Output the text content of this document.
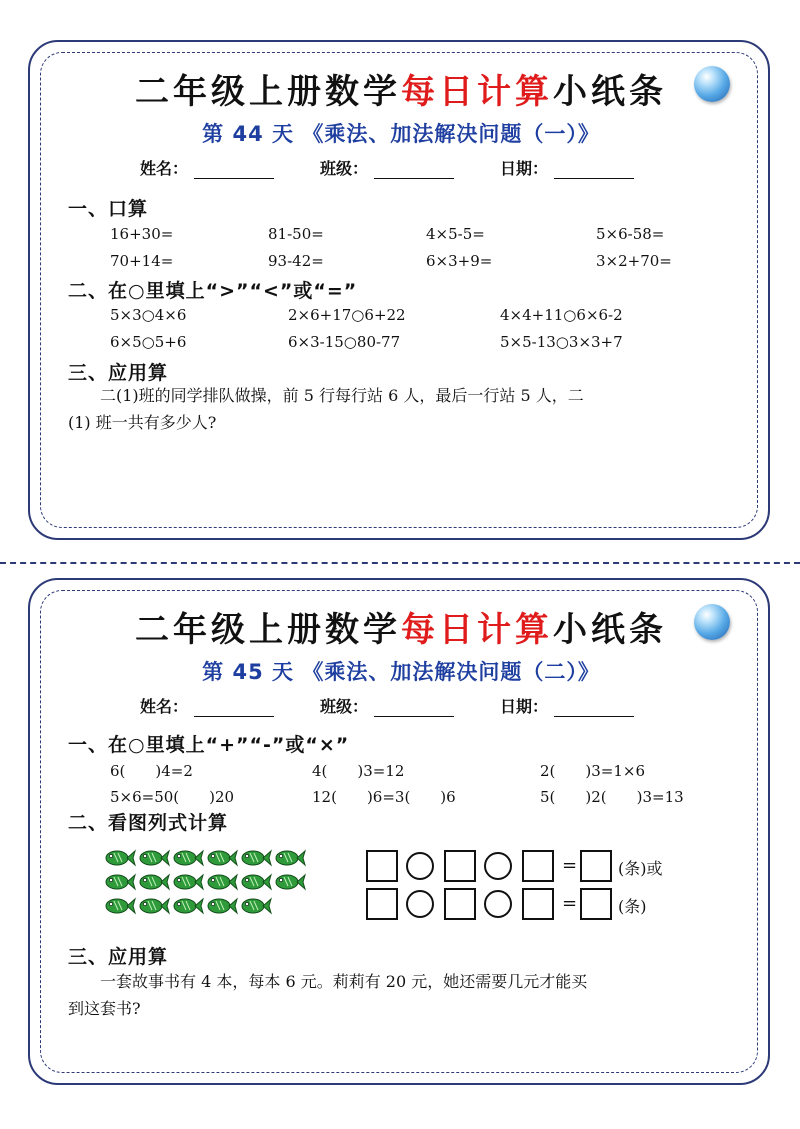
二年级上册数学每日计算小纸条
第 44 天 《乘法、加法解决问题（一）》
姓名：	班级：	日期：
一、口算
16+30=	81-50=	4×5-5=	5×6-58=
70+14=	93-42=	6×3+9=	3×2+70=
二、在○里填上“>”“<”或“=”
5×3○4×6	2×6+17○6+22	4×4+11○6×6-2
6×5○5+6	6×3-15○80-77	5×5-13○3×3+7
三、应用算
二(1)班的同学排队做操，前 5 行每行站 6 人，最后一行站 5 人，二
(1) 班一共有多少人?
二年级上册数学每日计算小纸条
第 45 天 《乘法、加法解决问题（二）》
姓名：	班级：	日期：
一、在○里填上“+”“-”或“×”
6(　　)4=2	4(　　)3=12	2(　　)3=1×6
5×6=50(　　)20	12(　　)6=3(　　)6	5(　　)2(　　)3=13
二、看图列式计算
=	(条)或
=	(条)
三、应用算
一套故事书有 4 本，每本 6 元。莉莉有 20 元，她还需要几元才能买
到这套书?
